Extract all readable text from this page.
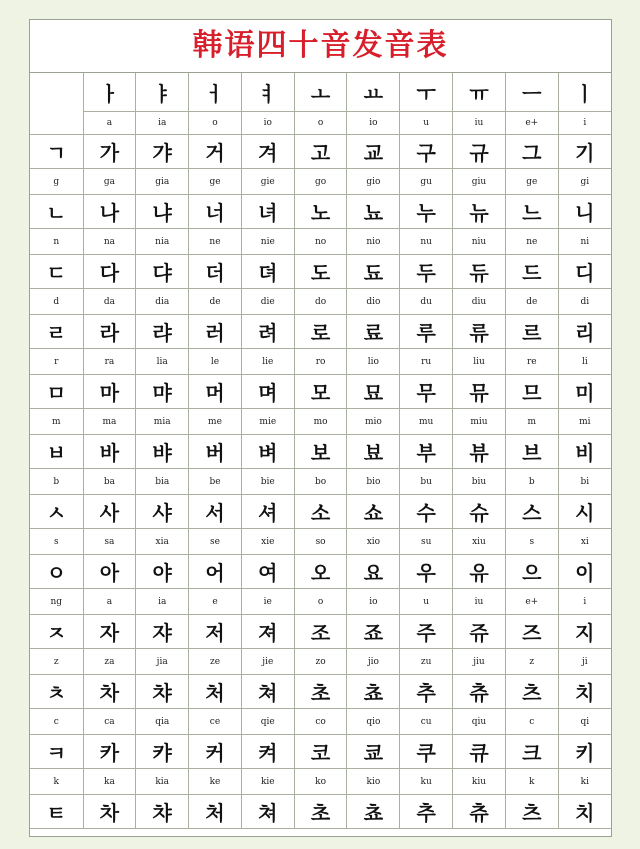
韩语四十音发音表
	ㅏ	ㅑ	ㅓ	ㅕ	ㅗ	ㅛ	ㅜ	ㅠ	ㅡ	ㅣ
	a	ia	o	io	o	io	u	iu	e+	i
ㄱ	가	갸	거	겨	고	교	구	규	그	기
g	ga	gia	ge	gie	go	gio	gu	giu	ge	gi
ㄴ	나	냐	너	녀	노	뇨	누	뉴	느	니
n	na	nia	ne	nie	no	nio	nu	niu	ne	ni
ㄷ	다	댜	더	뎌	도	됴	두	듀	드	디
d	da	dia	de	die	do	dio	du	diu	de	di
ㄹ	라	랴	러	려	로	료	루	류	르	리
r	ra	lia	le	lie	ro	lio	ru	liu	re	li
ㅁ	마	먀	머	며	모	묘	무	뮤	므	미
m	ma	mia	me	mie	mo	mio	mu	miu	m	mi
ㅂ	바	뱌	버	벼	보	뵤	부	뷰	브	비
b	ba	bia	be	bie	bo	bio	bu	biu	b	bi
ㅅ	사	샤	서	셔	소	쇼	수	슈	스	시
s	sa	xia	se	xie	so	xio	su	xiu	s	xi
ㅇ	아	야	어	여	오	요	우	유	으	이
ng	a	ia	e	ie	o	io	u	iu	e+	i
ㅈ	자	쟈	저	져	조	죠	주	쥬	즈	지
z	za	jia	ze	jie	zo	jio	zu	jiu	z	ji
ㅊ	차	챠	처	쳐	초	쵸	추	츄	츠	치
c	ca	qia	ce	qie	co	qio	cu	qiu	c	qi
ㅋ	카	캬	커	켜	코	쿄	쿠	큐	크	키
k	ka	kia	ke	kie	ko	kio	ku	kiu	k	ki
ㅌ	차	챠	처	쳐	초	쵸	추	츄	츠	치
